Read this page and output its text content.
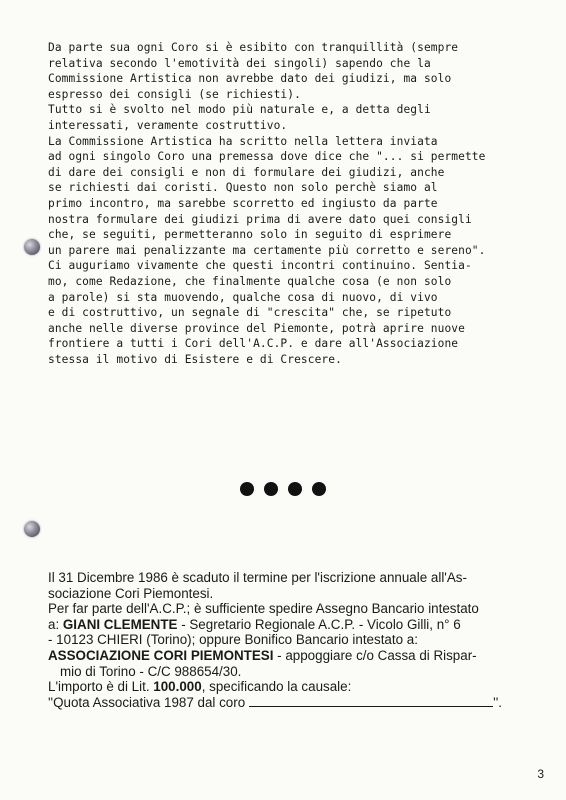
Da parte sua ogni Coro si è esibito con tranquillità (sempre
relativa secondo l'emotività dei singoli) sapendo che la
Commissione Artistica non avrebbe dato dei giudizi, ma solo
espresso dei consigli (se richiesti).
Tutto si è svolto nel modo più naturale e, a detta degli
interessati, veramente costruttivo.
La Commissione Artistica ha scritto nella lettera inviata
ad ogni singolo Coro una premessa dove dice che "... si permette
di dare dei consigli e non di formulare dei giudizi, anche
se richiesti dai coristi. Questo non solo perchè siamo al
primo incontro, ma sarebbe scorretto ed ingiusto da parte
nostra formulare dei giudizi prima di avere dato quei consigli
che, se seguiti, permetteranno solo in seguito di esprimere
un parere mai penalizzante ma certamente più corretto e sereno".
Ci auguriamo vivamente che questi incontri continuino. Sentia-
mo, come Redazione, che finalmente qualche cosa (e non solo
a parole) si sta muovendo, qualche cosa di nuovo, di vivo
e di costruttivo, un segnale di "crescita" che, se ripetuto
anche nelle diverse province del Piemonte, potrà aprire nuove
frontiere a tutti i Cori dell'A.C.P. e dare all'Associazione
stessa il motivo di Esistere e di Crescere.

Il 31 Dicembre 1986 è scaduto il termine per l'iscrizione annuale all'As-

sociazione Cori Piemontesi.

Per far parte dell'A.C.P.; è sufficiente spedire Assegno Bancario intestato

a: GIANI CLEMENTE - Segretario Regionale A.C.P. - Vicolo Gilli, n° 6

- 10123 CHIERI (Torino); oppure Bonifico Bancario intestato a:

ASSOCIAZIONE CORI PIEMONTESI - appoggiare c/o Cassa di Rispar-

mio di Torino - C/C 988654/30.

L'importo è di Lit. 100.000, specificando la causale:

''Quota Associativa 1987 dal coro	''.

3
